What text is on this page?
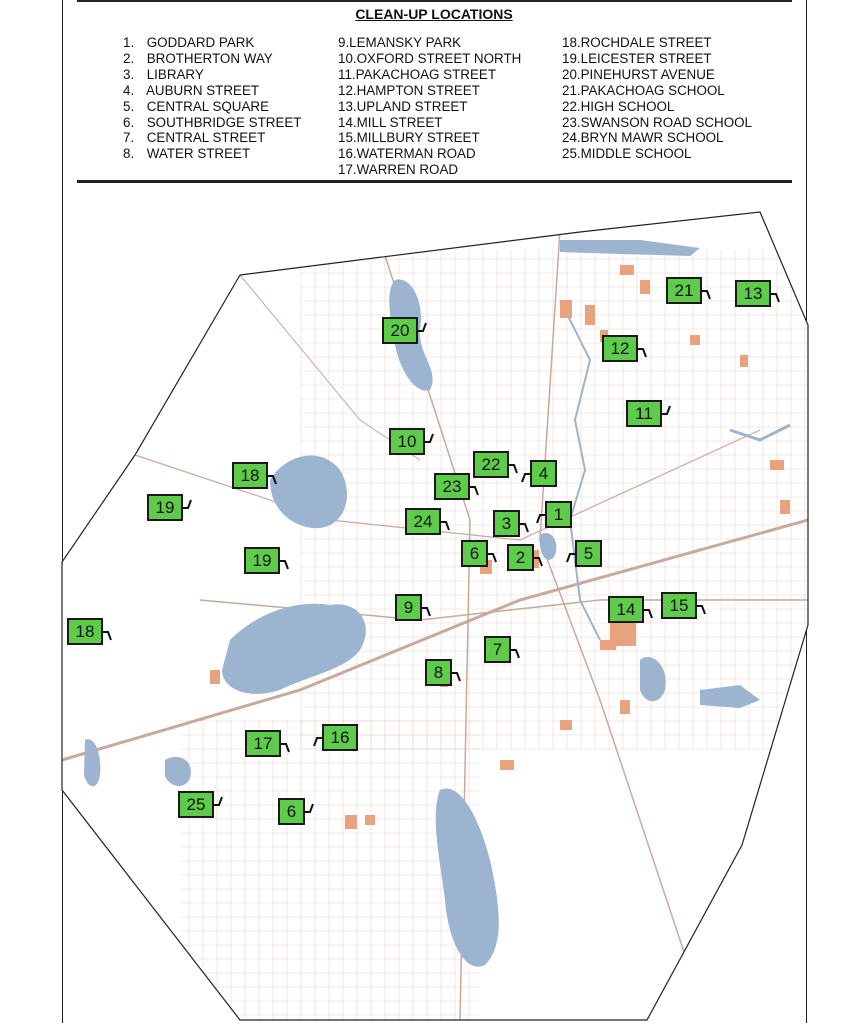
CLEAN-UP LOCATIONS
1. GODDARD PARK
2. BROTHERTON WAY
3. LIBRARY
4. AUBURN STREET
5. CENTRAL SQUARE
6. SOUTHBRIDGE STREET
7. CENTRAL STREET
8. WATER STREET
9.LEMANSKY PARK
10.OXFORD STREET NORTH
11.PAKACHOAG STREET
12.HAMPTON STREET
13.UPLAND STREET
14.MILL STREET
15.MILLBURY STREET
16.WATERMAN ROAD
17.WARREN ROAD
18.ROCHDALE STREET
19.LEICESTER STREET
20.PINEHURST AVENUE
21.PAKACHOAG SCHOOL
22.HIGH SCHOOL
23.SWANSON ROAD SCHOOL
24.BRYN MAWR SCHOOL
25.MIDDLE SCHOOL
21	13
20
12
11
10
22	4
18
23
19	1
24	3
6	2	5
19
9	14	15
18
7
8
17	16
25	6
